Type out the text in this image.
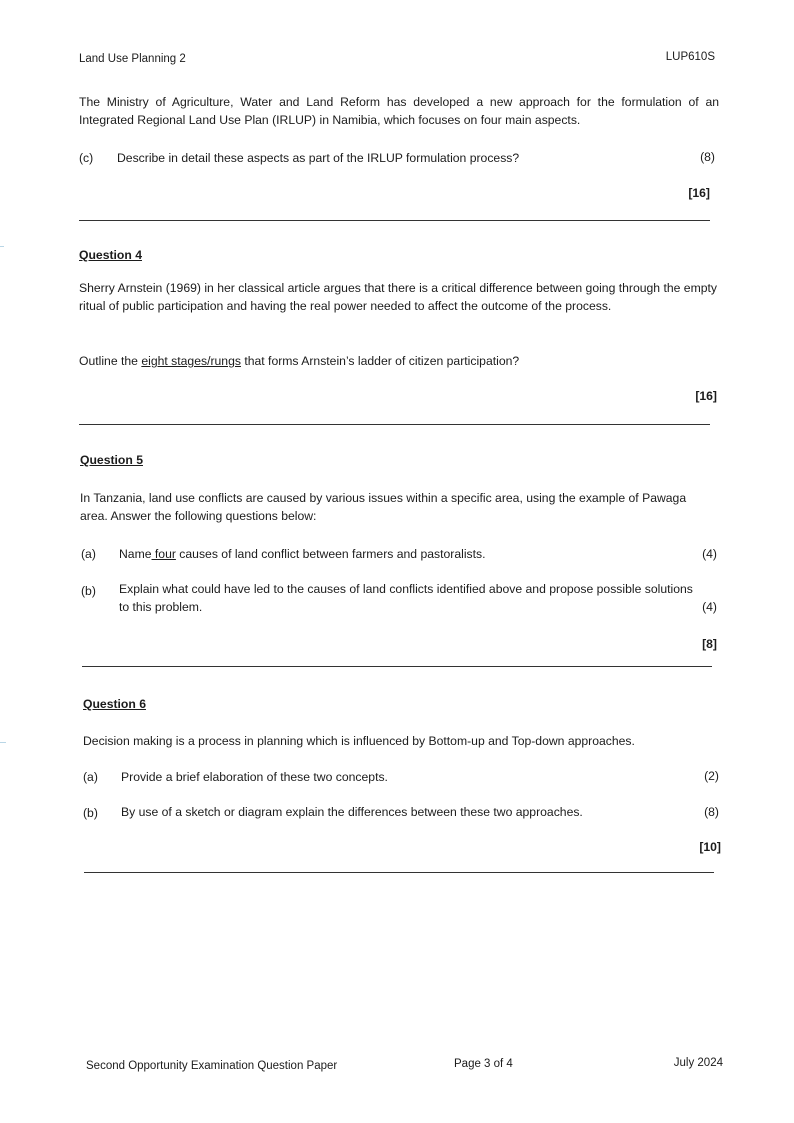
Land Use Planning 2	LUP610S
The Ministry of Agriculture, Water and Land Reform has developed a new approach for the formulation of an Integrated Regional Land Use Plan (IRLUP) in Namibia, which focuses on four main aspects.
(c) Describe in detail these aspects as part of the IRLUP formulation process?	(8)
[16]
Question 4
Sherry Arnstein (1969) in her classical article argues that there is a critical difference between going through the empty ritual of public participation and having the real power needed to affect the outcome of the process.
Outline the eight stages/rungs that forms Arnstein’s ladder of citizen participation?
[16]
Question 5
In Tanzania, land use conflicts are caused by various issues within a specific area, using the example of Pawaga area. Answer the following questions below:
(a) Name four causes of land conflict between farmers and pastoralists.	(4)
(b) Explain what could have led to the causes of land conflicts identified above and propose possible solutions to this problem.	(4)
[8]
Question 6
Decision making is a process in planning which is influenced by Bottom-up and Top-down approaches.
(a) Provide a brief elaboration of these two concepts.	(2)
(b) By use of a sketch or diagram explain the differences between these two approaches.	(8)
[10]
Second Opportunity Examination Question Paper	Page 3 of 4	July 2024
